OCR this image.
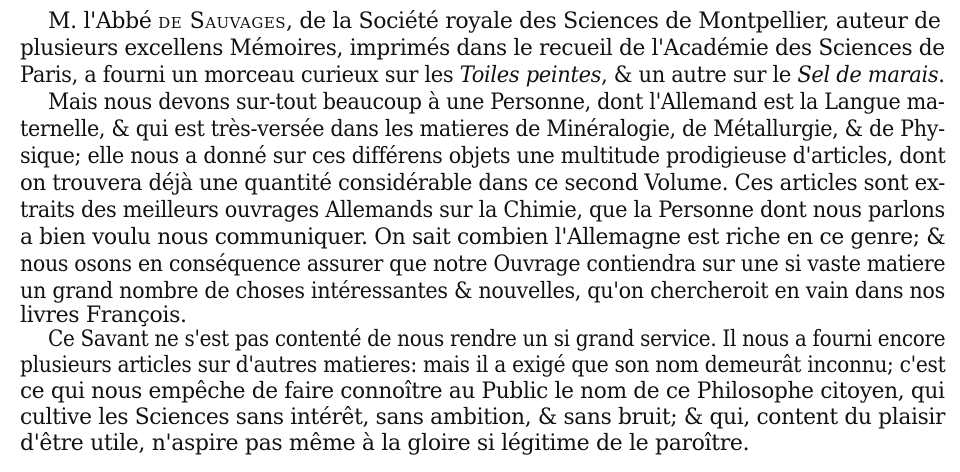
M. l'Abbé de Sauvages, de la Société royale des Sciences de Montpellier, auteur de
plusieurs excellens Mémoires, imprimés dans le recueil de l'Académie des Sciences de
Paris, a fourni un morceau curieux sur les Toiles peintes, & un autre sur le Sel de marais.
Mais nous devons sur-tout beaucoup à une Personne, dont l'Allemand est la Langue ma-
ternelle, & qui est très-versée dans les matieres de Minéralogie, de Métallurgie, & de Phy-
sique; elle nous a donné sur ces différens objets une multitude prodigieuse d'articles, dont
on trouvera déjà une quantité considérable dans ce second Volume. Ces articles sont ex-
traits des meilleurs ouvrages Allemands sur la Chimie, que la Personne dont nous parlons
a bien voulu nous communiquer. On sait combien l'Allemagne est riche en ce genre; &
nous osons en conséquence assurer que notre Ouvrage contiendra sur une si vaste matiere
un grand nombre de choses intéressantes & nouvelles, qu'on chercheroit en vain dans nos
livres François.
Ce Savant ne s'est pas contenté de nous rendre un si grand service. Il nous a fourni encore
plusieurs articles sur d'autres matieres: mais il a exigé que son nom demeurât inconnu; c'est
ce qui nous empêche de faire connoître au Public le nom de ce Philosophe citoyen, qui
cultive les Sciences sans intérêt, sans ambition, & sans bruit; & qui, content du plaisir
d'être utile, n'aspire pas même à la gloire si légitime de le paroître.
